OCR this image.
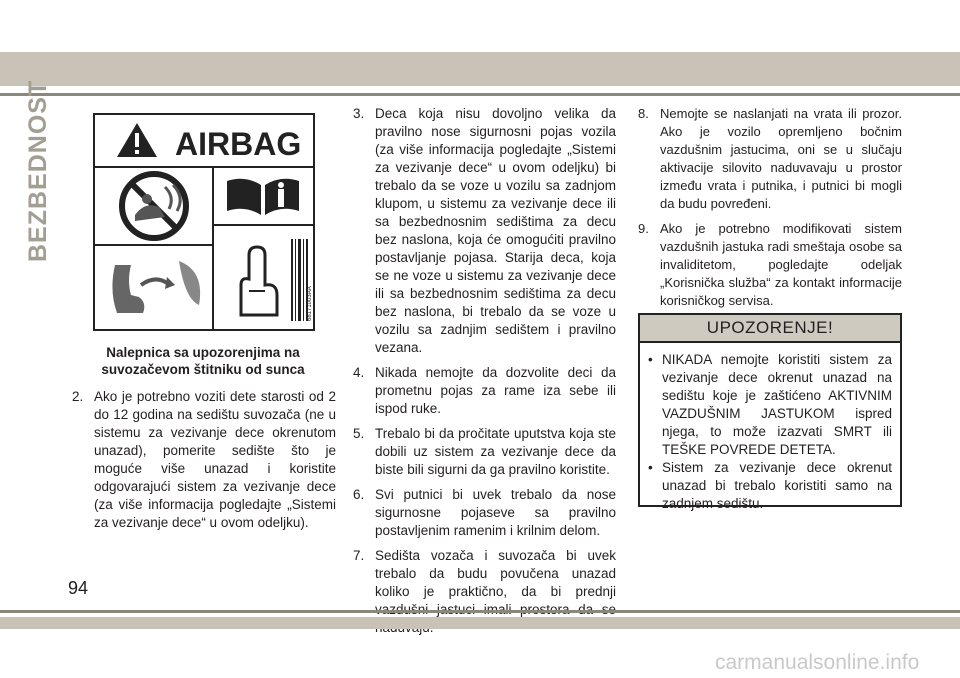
BEZBEDNOST	AIRBAG
68171003AA
Nalepnica sa upozorenjima na
suvozačevom štitniku od sunca

2. Ako je potrebno voziti dete starosti od 2 do 12 godina na sedištu suvozača (ne u sistemu za vezivanje dece okrenutom unazad), pomerite sedište što je moguće više unazad i koristite odgovarajući sistem za vezivanje dece (za više informacija pogledajte „Sistemi za vezivanje dece“ u ovom odeljku).

3. Deca koja nisu dovoljno velika da pravilno nose sigurnosni pojas vozila (za više informacija pogledajte „Sistemi za vezivanje dece“ u ovom odeljku) bi trebalo da se voze u vozilu sa zadnjom klupom, u sistemu za vezivanje dece ili sa bezbednosnim sedištima za decu bez naslona, koja će omogućiti pravilno postavljanje pojasa. Starija deca, koja se ne voze u sistemu za vezivanje dece ili sa bezbednosnim sedištima za decu bez naslona, bi trebalo da se voze u vozilu sa zadnjim sedištem i pravilno vezana.

4. Nikada nemojte da dozvolite deci da prometnu pojas za rame iza sebe ili ispod ruke.

5. Trebalo bi da pročitate uputstva koja ste dobili uz sistem za vezivanje dece da biste bili sigurni da ga pravilno koristite.

6. Svi putnici bi uvek trebalo da nose sigurnosne pojaseve sa pravilno postavljenim ramenim i krilnim delom.

7. Sedišta vozača i suvozača bi uvek trebalo da budu povučena unazad koliko je praktično, da bi prednji

8. Nemojte se naslanjati na vrata ili prozor. Ako je vozilo opremljeno bočnim vazdušnim jastucima, oni se u slučaju aktivacije silovito naduvavaju u prostor između vrata i putnika, i putnici bi mogli da budu povređeni.

9. Ako je potrebno modifikovati sistem vazdušnih jastuka radi smeštaja osobe sa invaliditetom, pogledajte odeljak „Korisnička služba“ za kontakt informacije korisničkog servisa.

UPOZORENJE!
• NIKADA nemojte koristiti sistem za vezivanje dece okrenut unazad na sedištu koje je zaštićeno AKTIVNIM VAZDUŠNIM JASTUKOM ispred njega, to može izazvati SMRT ili TEŠKE POVREDE DETETA.
• Sistem za vezivanje dece okrenut unazad bi trebalo koristiti samo na zadnjem sedištu.
94
carmanualsonline.info
